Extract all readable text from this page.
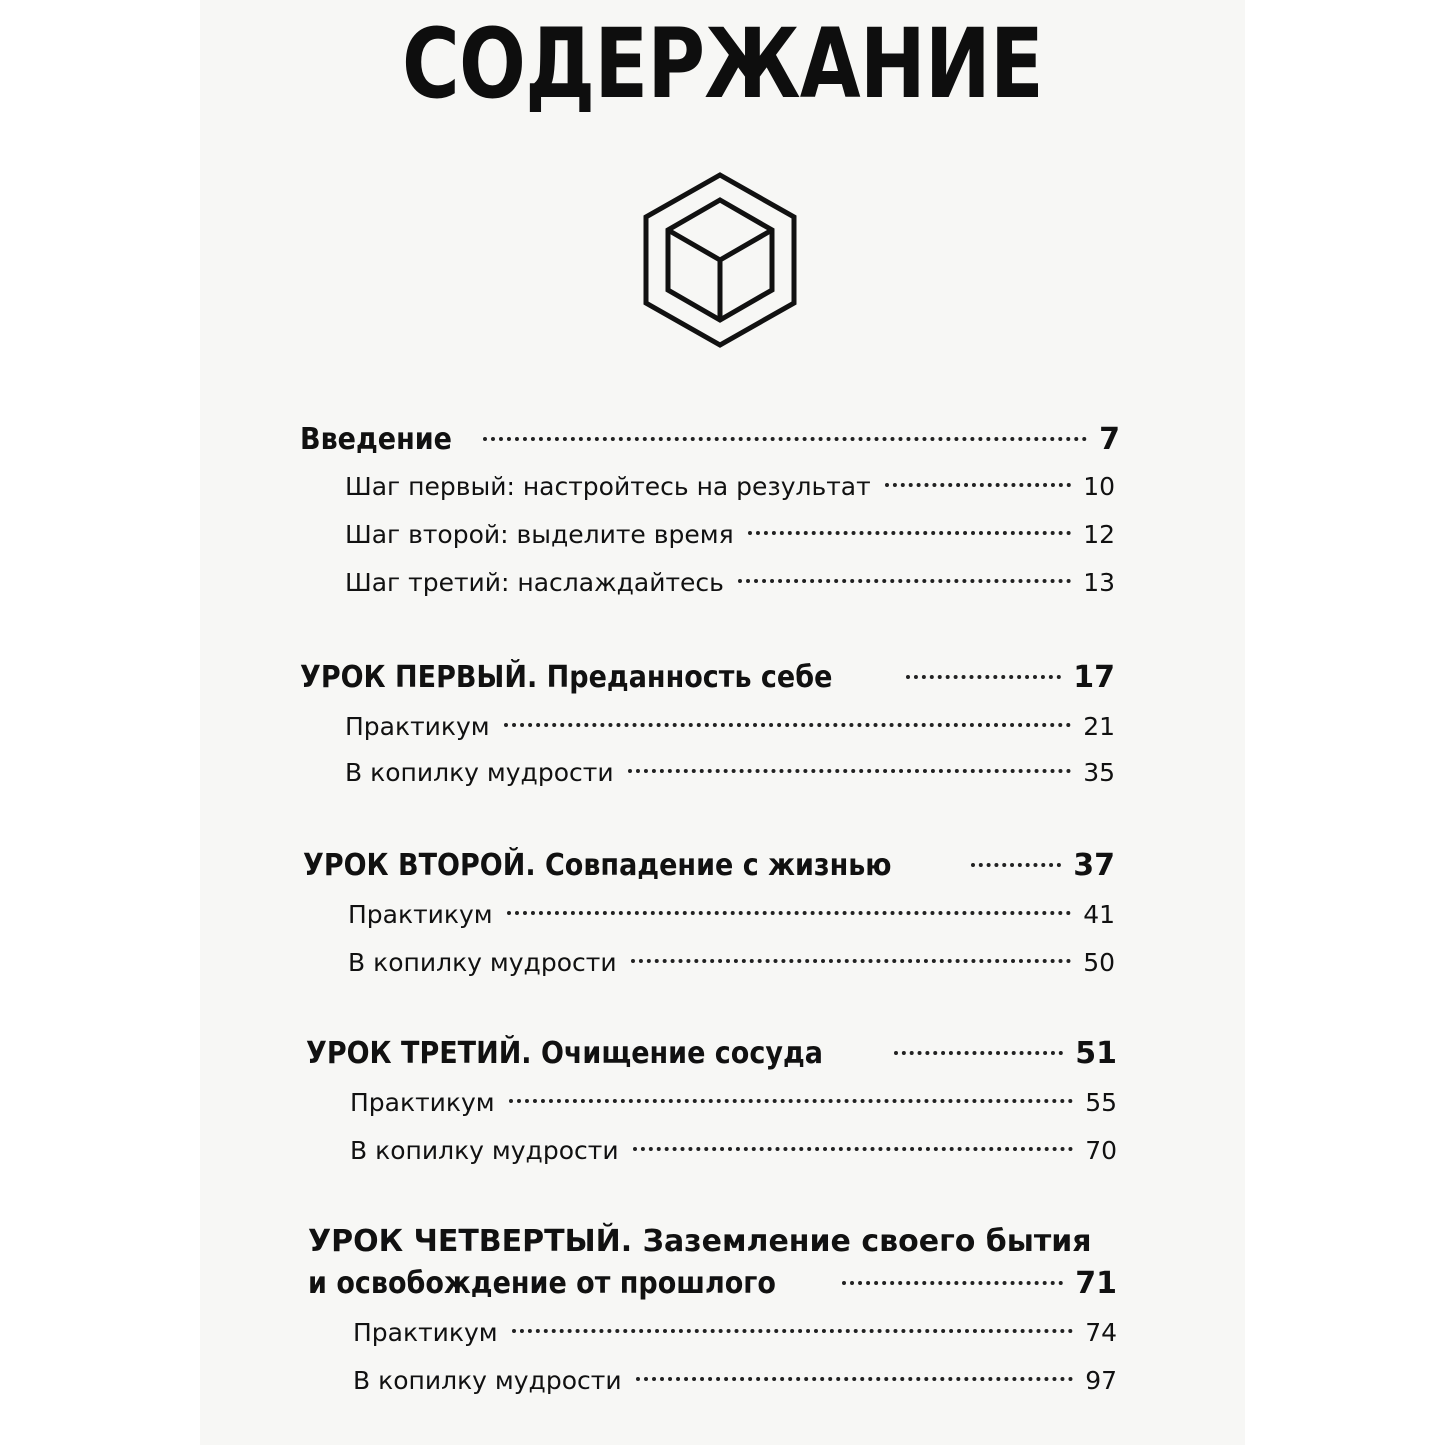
СОДЕРЖАНИЕ
Введение	7
Шаг первый: настройтесь на результат	10
Шаг второй: выделите время	12
Шаг третий: наслаждайтесь	13
УРОК ПЕРВЫЙ. Преданность себе	17
Практикум	21
В копилку мудрости	35
УРОК ВТОРОЙ. Совпадение с жизнью	37
Практикум	41
В копилку мудрости	50
УРОК ТРЕТИЙ. Очищение сосуда	51
Практикум	55
В копилку мудрости	70
УРОК ЧЕТВЕРТЫЙ. Заземление своего бытия
и освобождение от прошлого	71
Практикум	74
В копилку мудрости	97
